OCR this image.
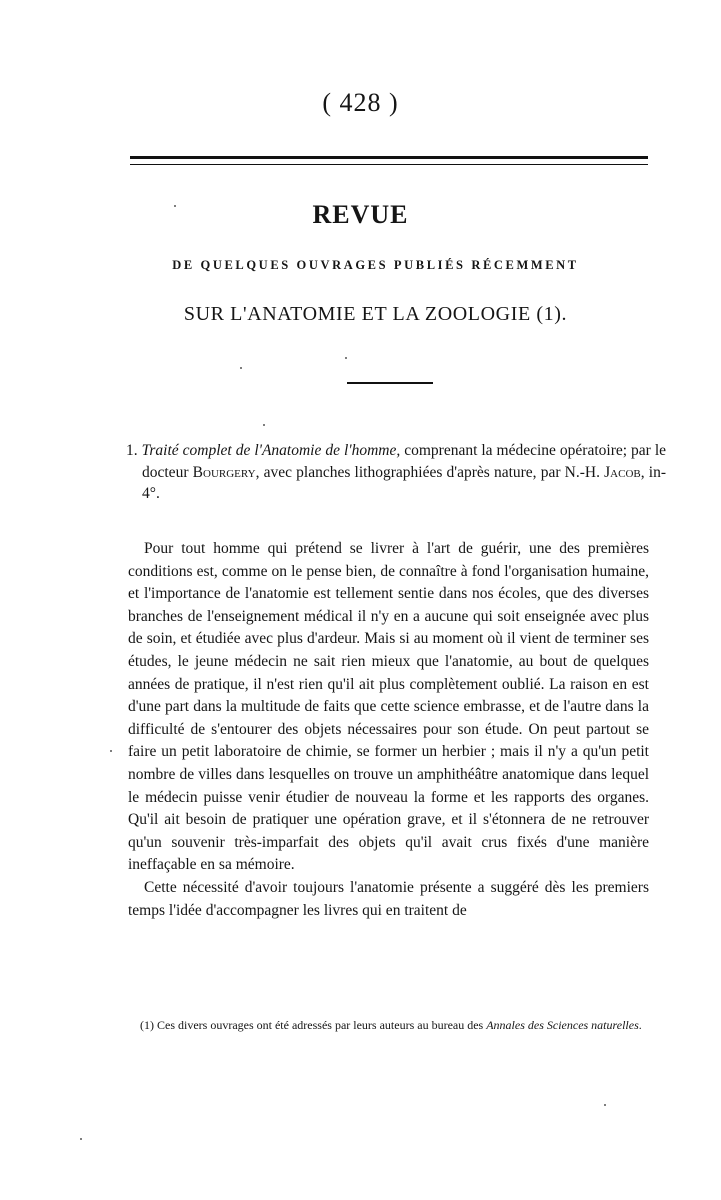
( 428 )
REVUE
DE QUELQUES OUVRAGES PUBLIÉS RÉCEMMENT
SUR L'ANATOMIE ET LA ZOOLOGIE (1).
1. Traité complet de l'Anatomie de l'homme, comprenant la médecine opératoire; par le docteur Bourgery, avec planches lithographiées d'après nature, par N.-H. Jacob, in-4°.

Pour tout homme qui prétend se livrer à l'art de guérir, une des premières conditions est, comme on le pense bien, de connaître à fond l'organisation humaine, et l'importance de l'anatomie est tellement sentie dans nos écoles, que des diverses branches de l'enseignement médical il n'y en a aucune qui soit enseignée avec plus de soin, et étudiée avec plus d'ardeur. Mais si au moment où il vient de terminer ses études, le jeune médecin ne sait rien mieux que l'anatomie, au bout de quelques années de pratique, il n'est rien qu'il ait plus complètement oublié. La raison en est d'une part dans la multitude de faits que cette science embrasse, et de l'autre dans la difficulté de s'entourer des objets nécessaires pour son étude. On peut partout se faire un petit laboratoire de chimie, se former un herbier ; mais il n'y a qu'un petit nombre de villes dans lesquelles on trouve un amphithéâtre anatomique dans lequel le médecin puisse venir étudier de nouveau la forme et les rapports des organes. Qu'il ait besoin de pratiquer une opération grave, et il s'étonnera de ne retrouver qu'un souvenir très-imparfait des objets qu'il avait crus fixés d'une manière ineffaçable en sa mémoire.

Cette nécessité d'avoir toujours l'anatomie présente a suggéré dès les premiers temps l'idée d'accompagner les livres qui en traitent de

(1) Ces divers ouvrages ont été adressés par leurs auteurs au bureau des Annales des Sciences naturelles.
